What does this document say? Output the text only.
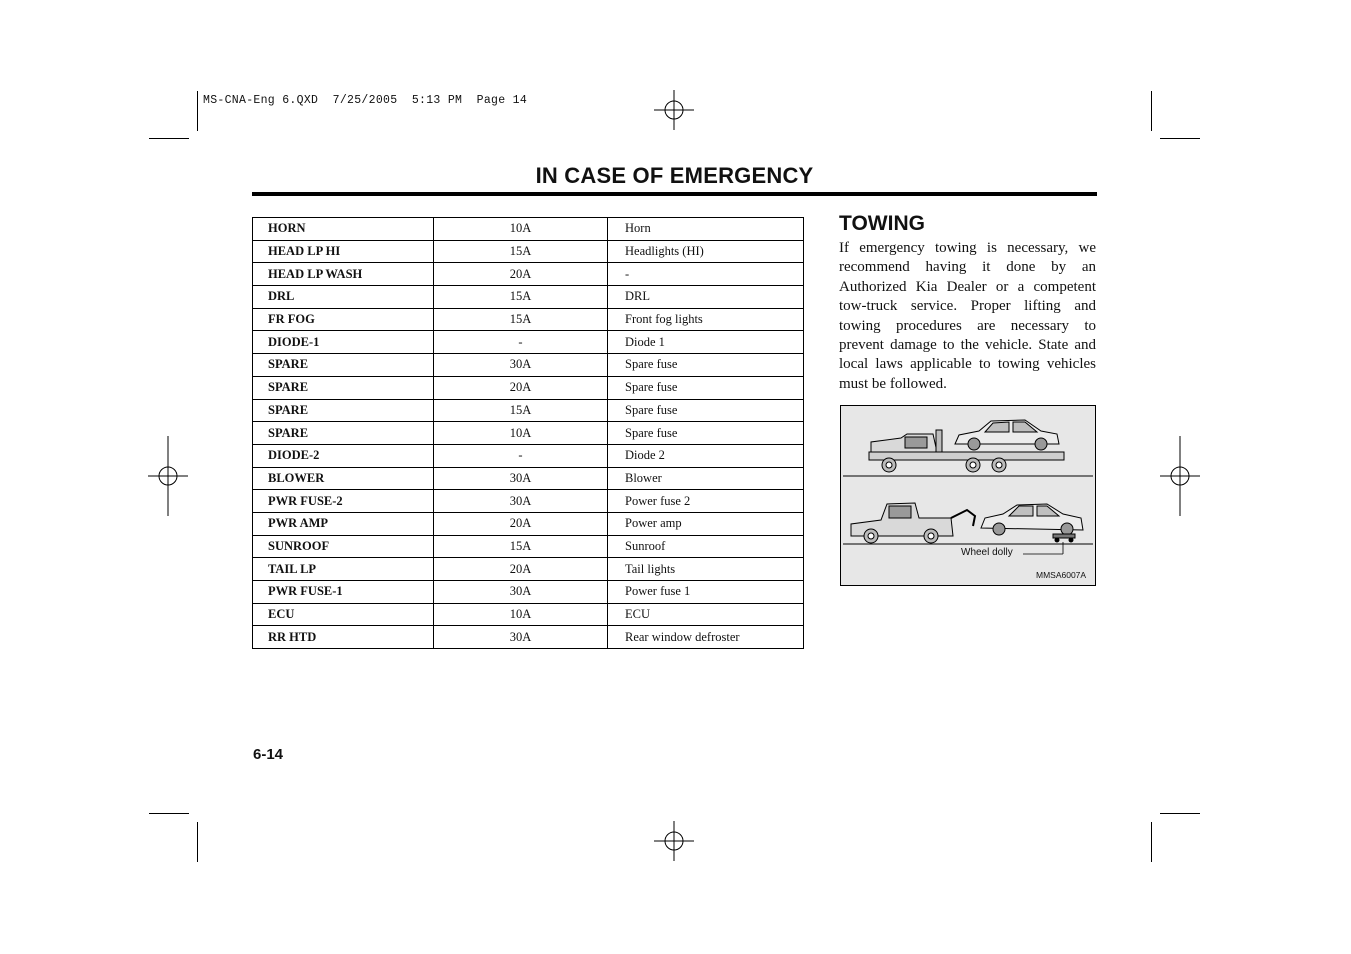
MS-CNA-Eng 6.QXD  7/25/2005  5:13 PM  Page 14
IN CASE OF EMERGENCY
HORN	10A	Horn
HEAD LP HI	15A	Headlights (HI)
HEAD LP WASH	20A	-
DRL	15A	DRL
FR FOG	15A	Front fog lights
DIODE-1	-	Diode 1
SPARE	30A	Spare fuse
SPARE	20A	Spare fuse
SPARE	15A	Spare fuse
SPARE	10A	Spare fuse
DIODE-2	-	Diode 2
BLOWER	30A	Blower
PWR FUSE-2	30A	Power fuse 2
PWR AMP	20A	Power amp
SUNROOF	15A	Sunroof
TAIL LP	20A	Tail lights
PWR FUSE-1	30A	Power fuse 1
ECU	10A	ECU
RR HTD	30A	Rear window defroster
TOWING

If emergency towing is necessary, we recommend having it done by an Authorized Kia Dealer or a competent tow-truck service. Proper lifting and towing procedures are necessary to prevent damage to the vehicle. State and local laws applicable to towing vehicles must be followed.

Wheel dolly
MMSA6007A
6-14
